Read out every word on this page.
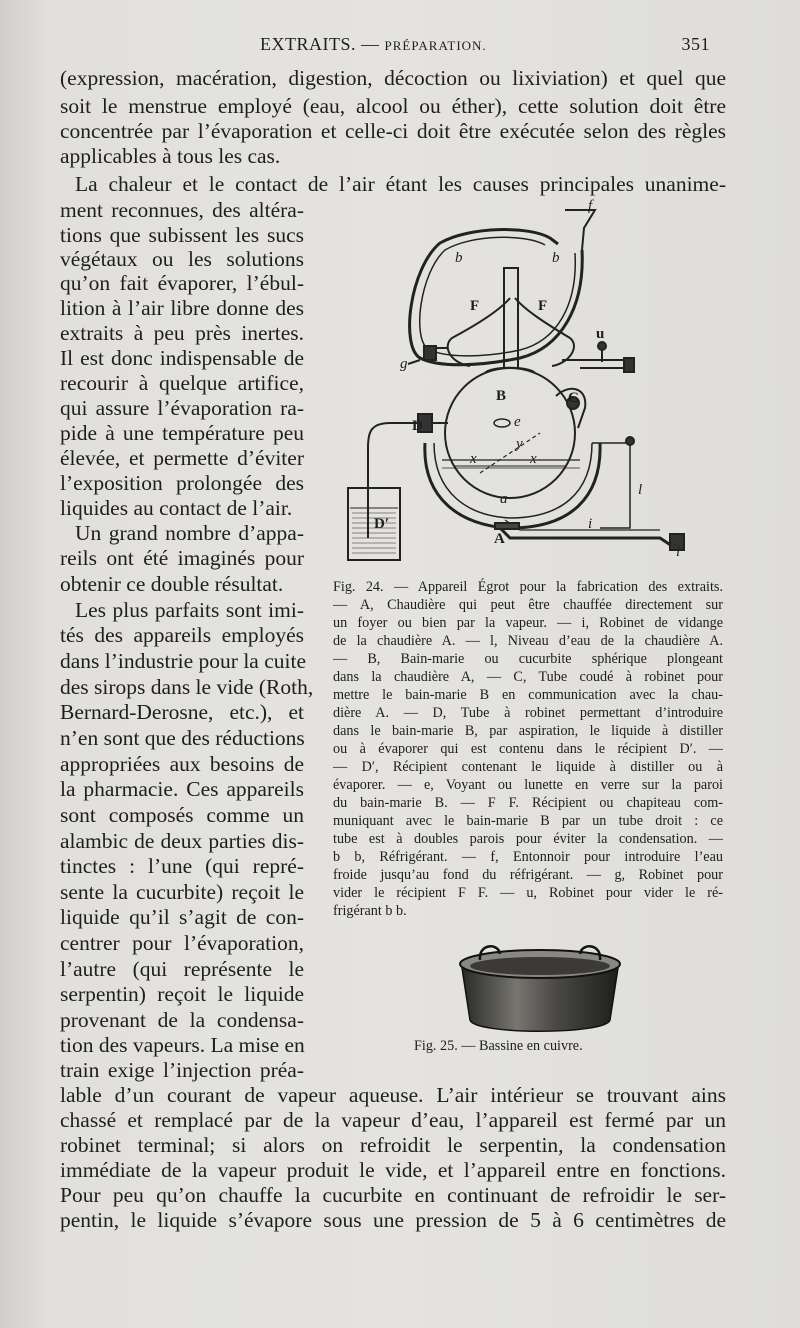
EXTRAITS. — PRÉPARATION.	351
(expression, macération, digestion, décoction ou lixiviation) et quel que
soit le menstrue employé (eau, alcool ou éther), cette solution doit être
concentrée par l’évaporation et celle-ci doit être exécutée selon des règles
applicables à tous les cas.
La chaleur et le contact de l’air étant les causes principales unanime-
ment reconnues, des altéra-
tions que subissent les sucs
végétaux ou les solutions
qu’on fait évaporer, l’ébul-
lition à l’air libre donne des
extraits à peu près inertes.
Il est donc indispensable de
recourir à quelque artifice,
qui assure l’évaporation ra-
pide à une température peu
élevée, et permette d’éviter
l’exposition prolongée des
liquides au contact de l’air.
Un grand nombre d’appa-
reils ont été imaginés pour
obtenir ce double résultat.
Les plus parfaits sont imi-
tés des appareils employés
dans l’industrie pour la cuite
des sirops dans le vide (Roth,
Bernard-Derosne, etc.), et
n’en sont que des réductions
appropriées aux besoins de
la pharmacie. Ces appareils
sont composés comme un
alambic de deux parties dis-
tinctes : l’une (qui repré-
sente la cucurbite) reçoit le
liquide qu’il s’agit de con-
centrer pour l’évaporation,
l’autre (qui représente le
serpentin) reçoit le liquide
provenant de la condensa-
tion des vapeurs. La mise en
train exige l’injection préa-
lable d’un courant de vapeur aqueuse. L’air intérieur se trouvant ains
chassé et remplacé par de la vapeur d’eau, l’appareil est fermé par un
robinet terminal; si alors on refroidit le serpentin, la condensation
immédiate de la vapeur produit le vide, et l’appareil entre en fonctions.
Pour peu qu’on chauffe la cucurbite en continuant de refroidir le ser-
pentin, le liquide s’évapore sous une pression de 5 à 6 centimètres de
f
b	b
F	F
u
g
B	C
D	e
y
x	x
l
a
A
i
i
D′
Fig. 24. — Appareil Égrot pour la fabrication des extraits.
— A, Chaudière qui peut être chauffée directement sur
un foyer ou bien par la vapeur. — i, Robinet de vidange
de la chaudière A. — l, Niveau d’eau de la chaudière A.
— B, Bain-marie ou cucurbite sphérique plongeant
dans la chaudière A, — C, Tube coudé à robinet pour
mettre le bain-marie B en communication avec la chau-
dière A. — D, Tube à robinet permettant d’introduire
dans le bain-marie B, par aspiration, le liquide à distiller
ou à évaporer qui est contenu dans le récipient D′. —
— D′, Récipient contenant le liquide à distiller ou à
évaporer. — e, Voyant ou lunette en verre sur la paroi
du bain-marie B. — F F. Récipient ou chapiteau com-
muniquant avec le bain-marie B par un tube droit : ce
tube est à doubles parois pour éviter la condensation. —
b b, Réfrigérant. — f, Entonnoir pour introduire l’eau
froide jusqu’au fond du réfrigérant. — g, Robinet pour
vider le récipient F F. — u, Robinet pour vider le ré-
frigérant b b.
Fig. 25. — Bassine en cuivre.
